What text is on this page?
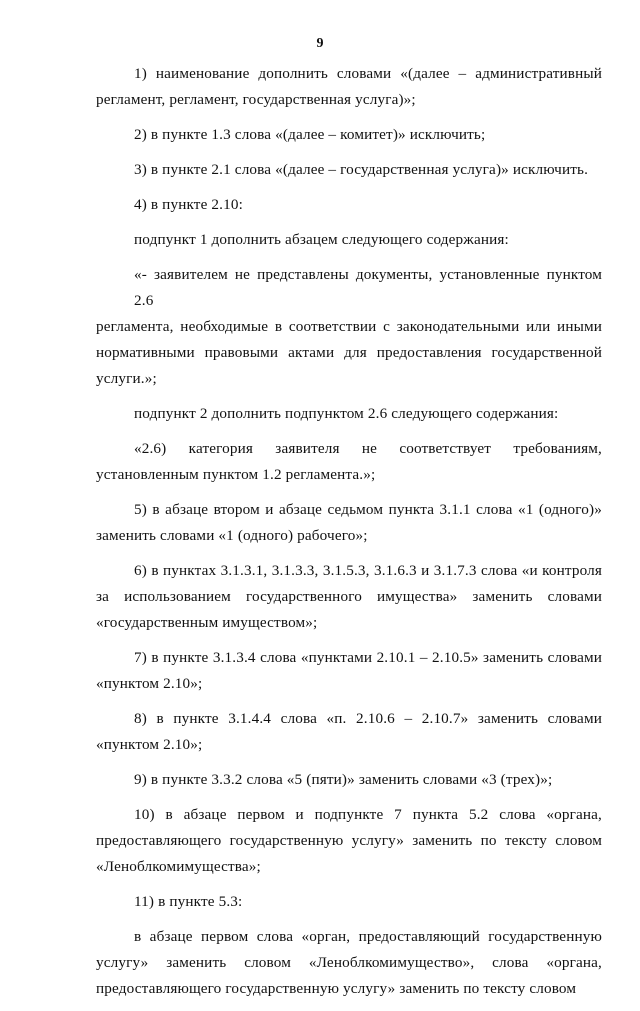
9
1) наименование дополнить словами «(далее – административный
регламент, регламент, государственная услуга)»;
2) в пункте 1.3 слова «(далее – комитет)» исключить;
3) в пункте 2.1 слова «(далее – государственная услуга)» исключить.
4) в пункте 2.10:
подпункт 1 дополнить абзацем следующего содержания:
«- заявителем не представлены документы, установленные пунктом 2.6
регламента, необходимые в соответствии с законодательными или иными
нормативными правовыми актами для предоставления государственной
услуги.»;
подпункт 2 дополнить подпунктом 2.6 следующего содержания:
«2.6) категория заявителя не соответствует требованиям,
установленным пунктом 1.2 регламента.»;
5) в абзаце втором и абзаце седьмом пункта 3.1.1 слова «1 (одного)»
заменить словами «1 (одного) рабочего»;
6) в пунктах 3.1.3.1, 3.1.3.3, 3.1.5.3, 3.1.6.3 и 3.1.7.3 слова «и контроля
за использованием государственного имущества» заменить словами
«государственным имуществом»;
7) в пункте 3.1.3.4 слова «пунктами 2.10.1 – 2.10.5» заменить словами
«пунктом 2.10»;
8) в пункте 3.1.4.4 слова «п. 2.10.6 – 2.10.7» заменить словами
«пунктом 2.10»;
9) в пункте 3.3.2 слова «5 (пяти)» заменить словами «3 (трех)»;
10) в абзаце первом и подпункте 7 пункта 5.2 слова «органа,
предоставляющего государственную услугу» заменить по тексту словом
«Леноблкомимущества»;
11) в пункте 5.3:
в абзаце первом слова «орган, предоставляющий государственную
услугу» заменить словом «Леноблкомимущество», слова «органа,
предоставляющего государственную услугу» заменить по тексту словом
